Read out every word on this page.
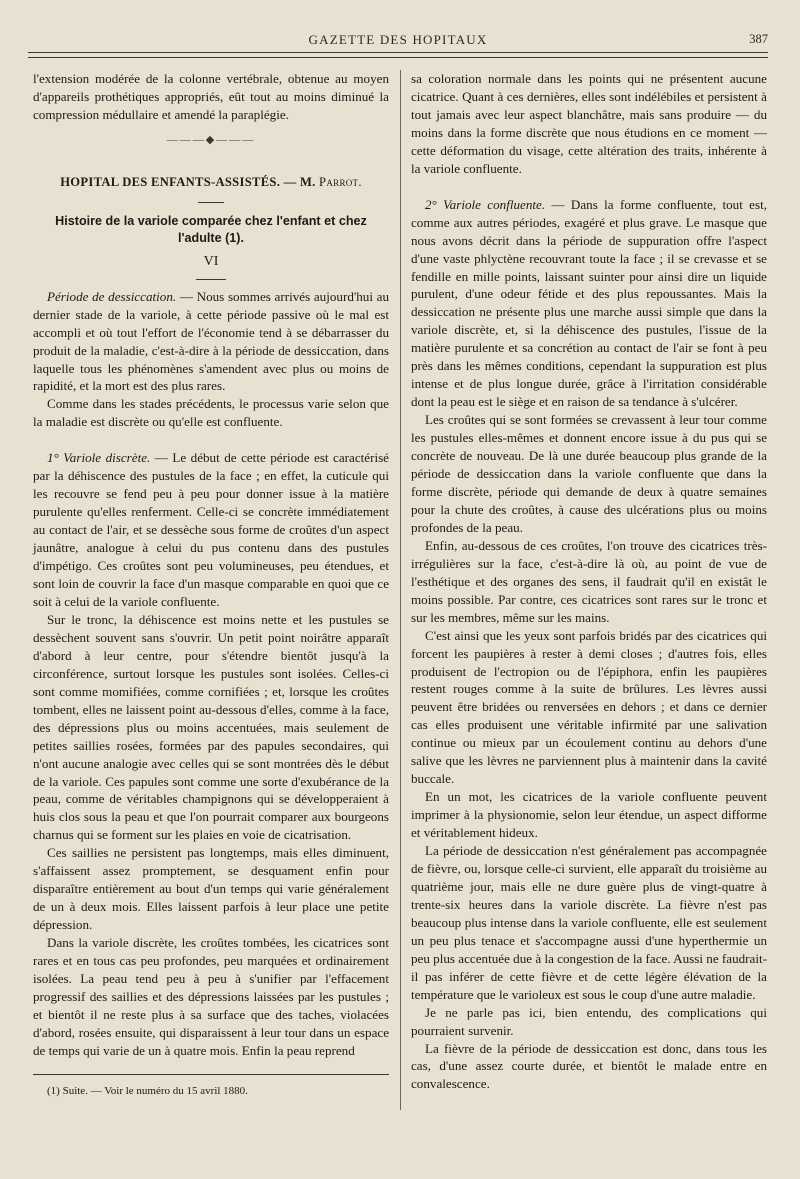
GAZETTE DES HOPITAUX	387

l'extension modérée de la colonne vertébrale, obtenue au moyen d'appareils prothétiques appropriés, eût tout au moins diminué la compression médullaire et amendé la paraplégie.

———◆———
HOPITAL DES ENFANTS-ASSISTÉS. — M. Parrot.
Histoire de la variole comparée chez l'enfant et chez l'adulte (1).
VI

Période de dessiccation. — Nous sommes arrivés aujourd'hui au dernier stade de la variole, à cette période passive où le mal est accompli et où tout l'effort de l'économie tend à se débarrasser du produit de la maladie, c'est-à-dire à la période de dessiccation, dans laquelle tous les phénomènes s'amendent avec plus ou moins de rapidité, et la mort est des plus rares.

Comme dans les stades précédents, le processus varie selon que la maladie est discrète ou qu'elle est confluente.

1° Variole discrète. — Le début de cette période est caractérisé par la déhiscence des pustules de la face ; en effet, la cuticule qui les recouvre se fend peu à peu pour donner issue à la matière purulente qu'elles renferment. Celle-ci se concrète immédiatement au contact de l'air, et se dessèche sous forme de croûtes d'un aspect jaunâtre, analogue à celui du pus contenu dans des pustules d'impétigo. Ces croûtes sont peu volumineuses, peu étendues, et sont loin de couvrir la face d'un masque comparable en quoi que ce soit à celui de la variole confluente.

Sur le tronc, la déhiscence est moins nette et les pustules se dessèchent souvent sans s'ouvrir. Un petit point noirâtre apparaît d'abord à leur centre, pour s'étendre bientôt jusqu'à la circonférence, surtout lorsque les pustules sont isolées. Celles-ci sont comme momifiées, comme cornifiées ; et, lorsque les croûtes tombent, elles ne laissent point au-dessous d'elles, comme à la face, des dépressions plus ou moins accentuées, mais seulement de petites saillies rosées, formées par des papules secondaires, qui n'ont aucune analogie avec celles qui se sont montrées dès le début de la variole. Ces papules sont comme une sorte d'exubérance de la peau, comme de véritables champignons qui se développeraient à huis clos sous la peau et que l'on pourrait comparer aux bourgeons charnus qui se forment sur les plaies en voie de cicatrisation.

Ces saillies ne persistent pas longtemps, mais elles diminuent, s'affaissent assez promptement, se desquament enfin pour disparaître entièrement au bout d'un temps qui varie généralement de un à deux mois. Elles laissent parfois à leur place une petite dépression.

Dans la variole discrète, les croûtes tombées, les cicatrices sont rares et en tous cas peu profondes, peu marquées et ordinairement isolées. La peau tend peu à peu à s'unifier par l'effacement progressif des saillies et des dépressions laissées par les pustules ; et bientôt il ne reste plus à sa surface que des taches, violacées d'abord, rosées ensuite, qui disparaissent à leur tour dans un espace de temps qui varie de un à quatre mois. Enfin la peau reprend

(1) Suite. — Voir le numéro du 15 avril 1880.

sa coloration normale dans les points qui ne présentent aucune cicatrice. Quant à ces dernières, elles sont indélébiles et persistent à tout jamais avec leur aspect blanchâtre, mais sans produire — du moins dans la forme discrète que nous étudions en ce moment — cette déformation du visage, cette altération des traits, inhérente à la variole confluente.

2° Variole confluente. — Dans la forme confluente, tout est, comme aux autres périodes, exagéré et plus grave. Le masque que nous avons décrit dans la période de suppuration offre l'aspect d'une vaste phlyctène recouvrant toute la face ; il se crevasse et se fendille en mille points, laissant suinter pour ainsi dire un liquide purulent, d'une odeur fétide et des plus repoussantes. Mais la dessiccation ne présente plus une marche aussi simple que dans la variole discrète, et, si la déhiscence des pustules, l'issue de la matière purulente et sa concrétion au contact de l'air se font à peu près dans les mêmes conditions, cependant la suppuration est plus intense et de plus longue durée, grâce à l'irritation considérable dont la peau est le siège et en raison de sa tendance à s'ulcérer.

Les croûtes qui se sont formées se crevassent à leur tour comme les pustules elles-mêmes et donnent encore issue à du pus qui se concrète de nouveau. De là une durée beaucoup plus grande de la période de dessiccation dans la variole confluente que dans la forme discrète, période qui demande de deux à quatre semaines pour la chute des croûtes, à cause des ulcérations plus ou moins profondes de la peau.

Enfin, au-dessous de ces croûtes, l'on trouve des cicatrices très-irrégulières sur la face, c'est-à-dire là où, au point de vue de l'esthétique et des organes des sens, il faudrait qu'il en existât le moins possible. Par contre, ces cicatrices sont rares sur le tronc et sur les membres, même sur les mains.

C'est ainsi que les yeux sont parfois bridés par des cicatrices qui forcent les paupières à rester à demi closes ; d'autres fois, elles produisent de l'ectropion ou de l'épiphora, enfin les paupières restent rouges comme à la suite de brûlures. Les lèvres aussi peuvent être bridées ou renversées en dehors ; et dans ce dernier cas elles produisent une véritable infirmité par une salivation continue ou mieux par un écoulement continu au dehors d'une salive que les lèvres ne parviennent plus à maintenir dans la cavité buccale.

En un mot, les cicatrices de la variole confluente peuvent imprimer à la physionomie, selon leur étendue, un aspect difforme et véritablement hideux.

La période de dessiccation n'est généralement pas accompagnée de fièvre, ou, lorsque celle-ci survient, elle apparaît du troisième au quatrième jour, mais elle ne dure guère plus de vingt-quatre à trente-six heures dans la variole discrète. La fièvre n'est pas beaucoup plus intense dans la variole confluente, elle est seulement un peu plus tenace et s'accompagne aussi d'une hyperthermie un peu plus accentuée due à la congestion de la face. Aussi ne faudrait-il pas inférer de cette fièvre et de cette légère élévation de la température que le varioleux est sous le coup d'une autre maladie.

Je ne parle pas ici, bien entendu, des complications qui pourraient survenir.

La fièvre de la période de dessiccation est donc, dans tous les cas, d'une assez courte durée, et bientôt le malade entre en convalescence.
